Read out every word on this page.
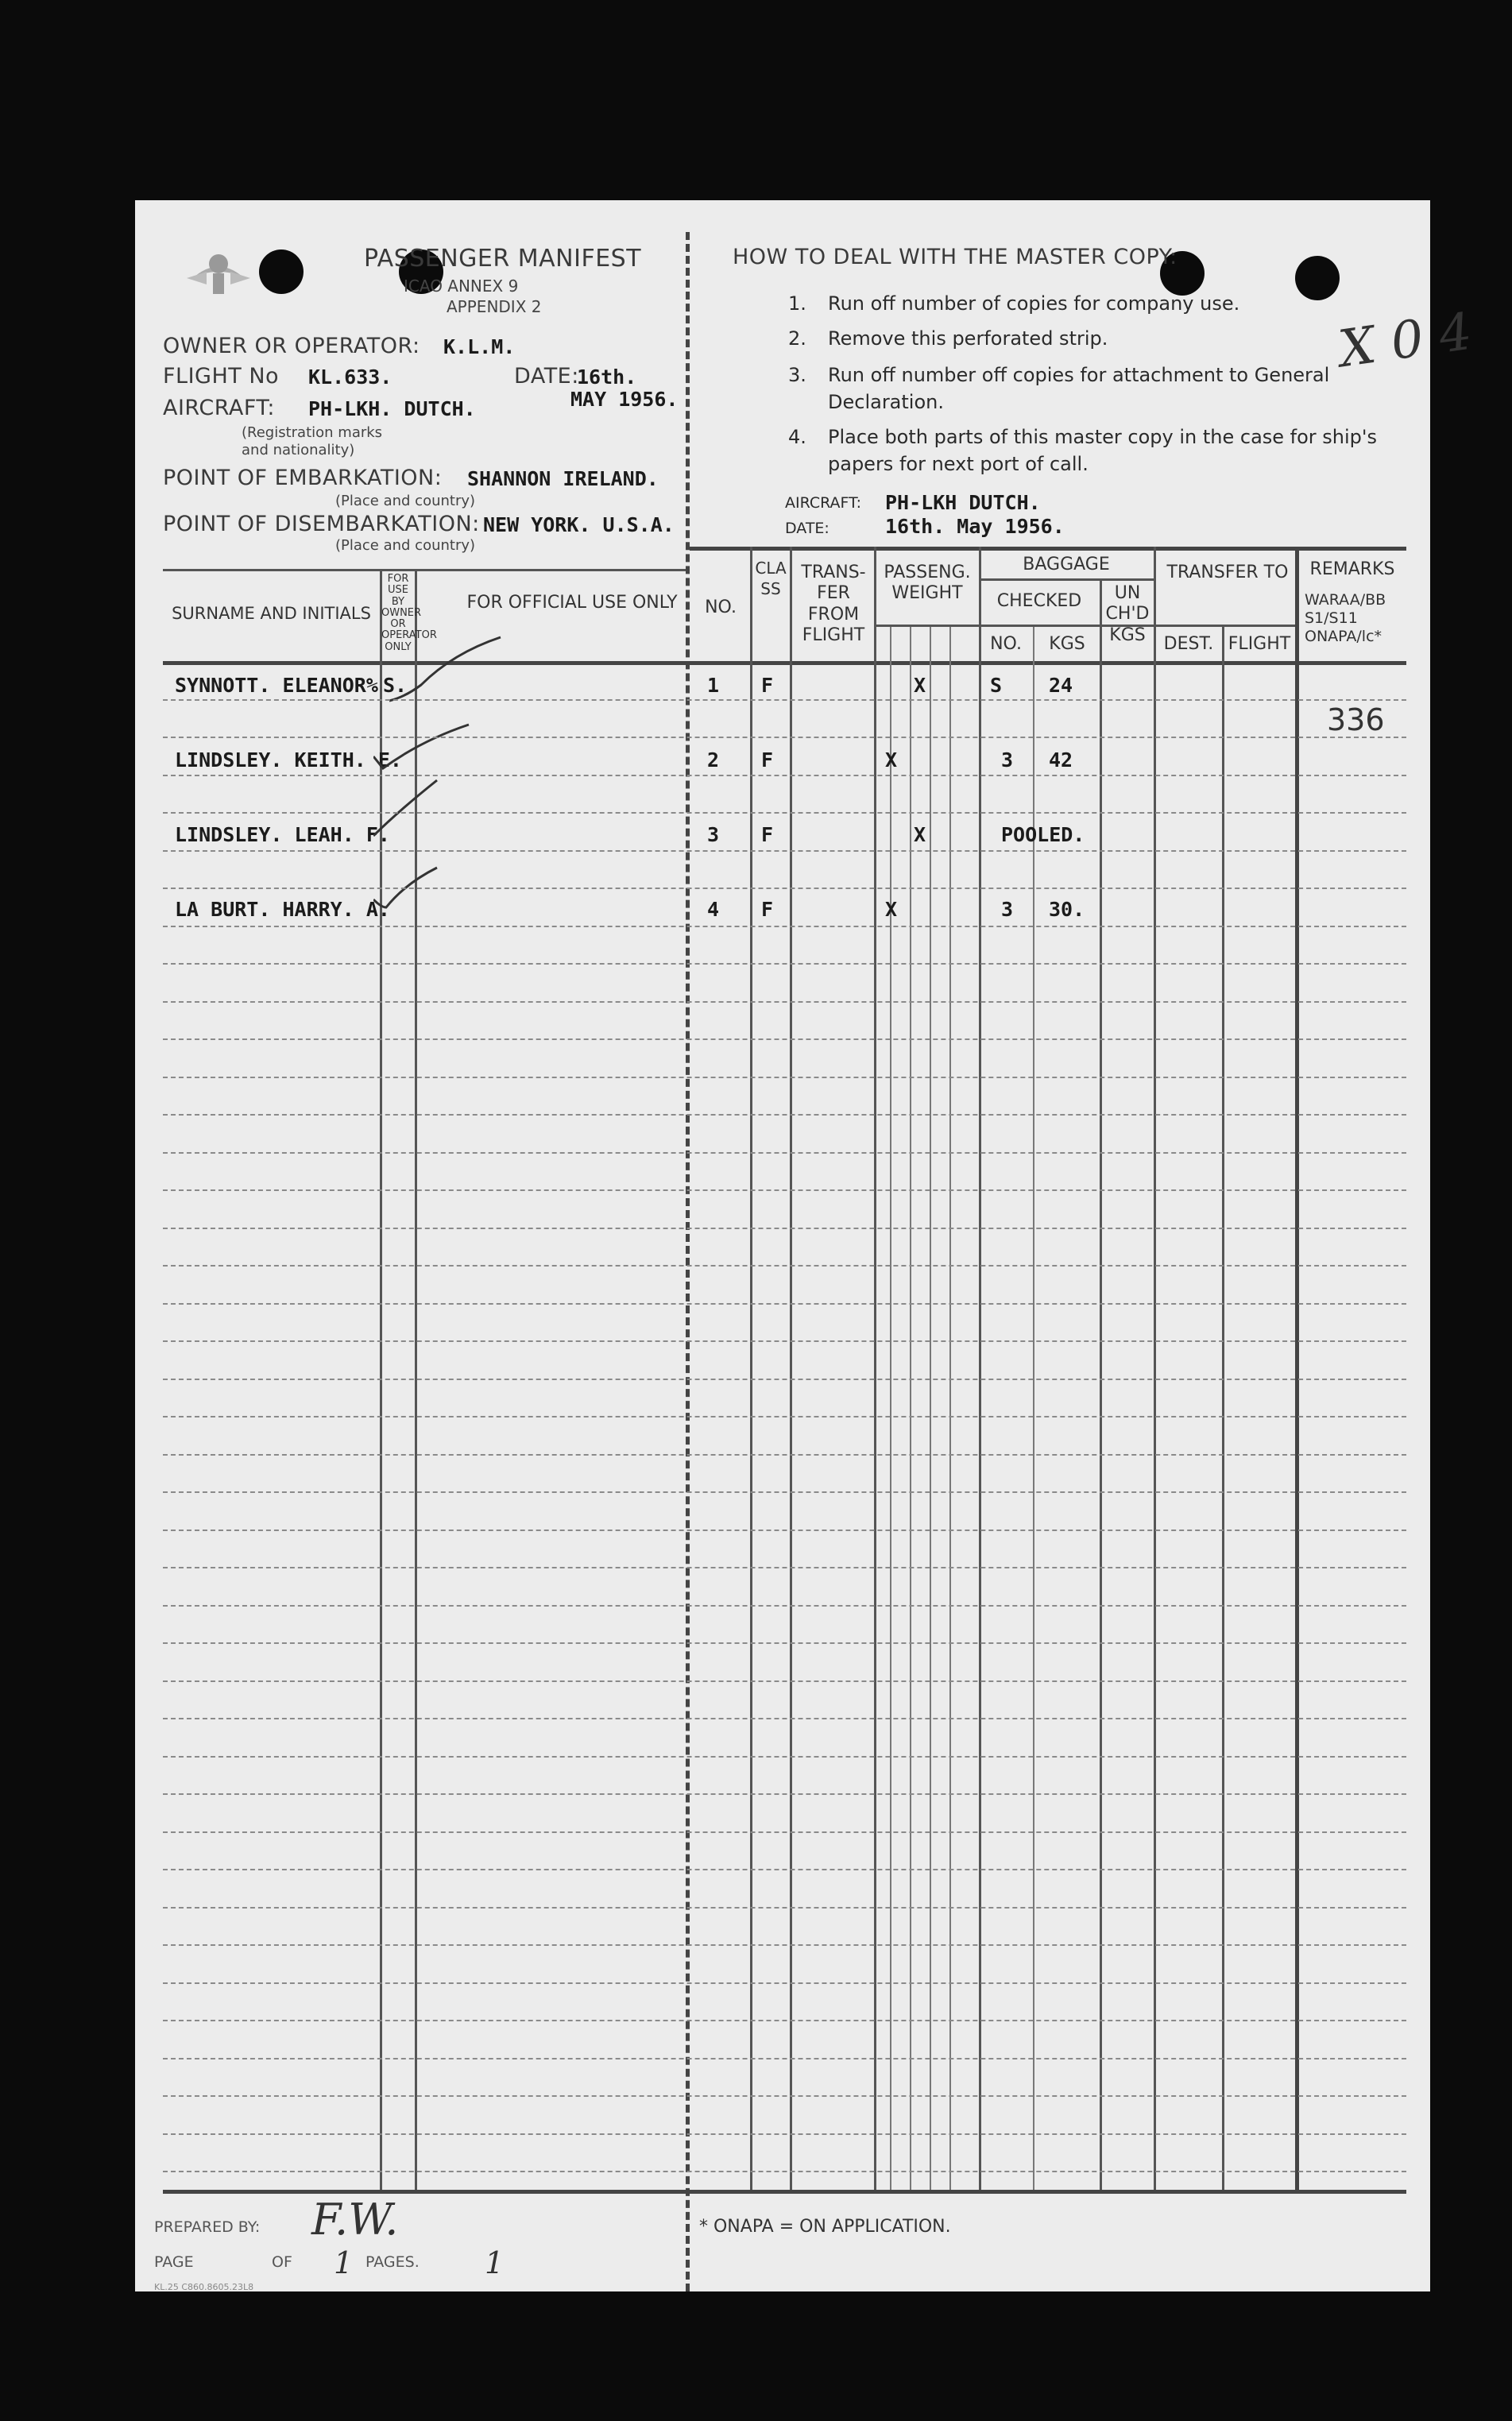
PASSENGER MANIFEST
ICAO ANNEX 9
APPENDIX 2
OWNER OR OPERATOR: K.L.M.
FLIGHT No KL.633.	DATE:
16th.
MAY 1956.
AIRCRAFT: PH-LKH. DUTCH.
(Registration marks
and nationality)
POINT OF EMBARKATION: SHANNON IRELAND.
(Place and country)
POINT OF DISEMBARKATION: NEW YORK. U.S.A.
(Place and country)
HOW TO DEAL WITH THE MASTER COPY:
1. Run off number of copies for company use.
2. Remove this perforated strip.
3. Run off number off copies for attachment to General
Declaration.
4. Place both parts of this master copy in the case for ship's
papers for next port of call.
AIRCRAFT: PH-LKH DUTCH.
DATE:	16th. May 1956.
X 0 4
SURNAME AND INITIALS
FOR USE BY OWNER OR OPERATOR ONLY
FOR OFFICIAL USE ONLY	NO.
CLASS
TRANS- FER FROM FLIGHT
PASSENG. WEIGHT
BAGGAGE
CHECKED
NO.	KGS
UN CH'D KGS
TRANSFER TO
DEST. FLIGHT
REMARKS
WARAA/BB S1/S11 ONAPA/lc*
SYNNOTT. ELEANOR% S.	1 F	X	S 24
336
LINDSLEY. KEITH. E.	2 F	X	3 42
LINDSLEY. LEAH. F.	3 F	X	POOLED.
LA BURT. HARRY. A.	4 F	X	3 30.
PREPARED BY: F.W.
PAGE	OF 1 PAGES. 1
* ONAPA = ON APPLICATION.
KL.25 C860.8605.23L8
